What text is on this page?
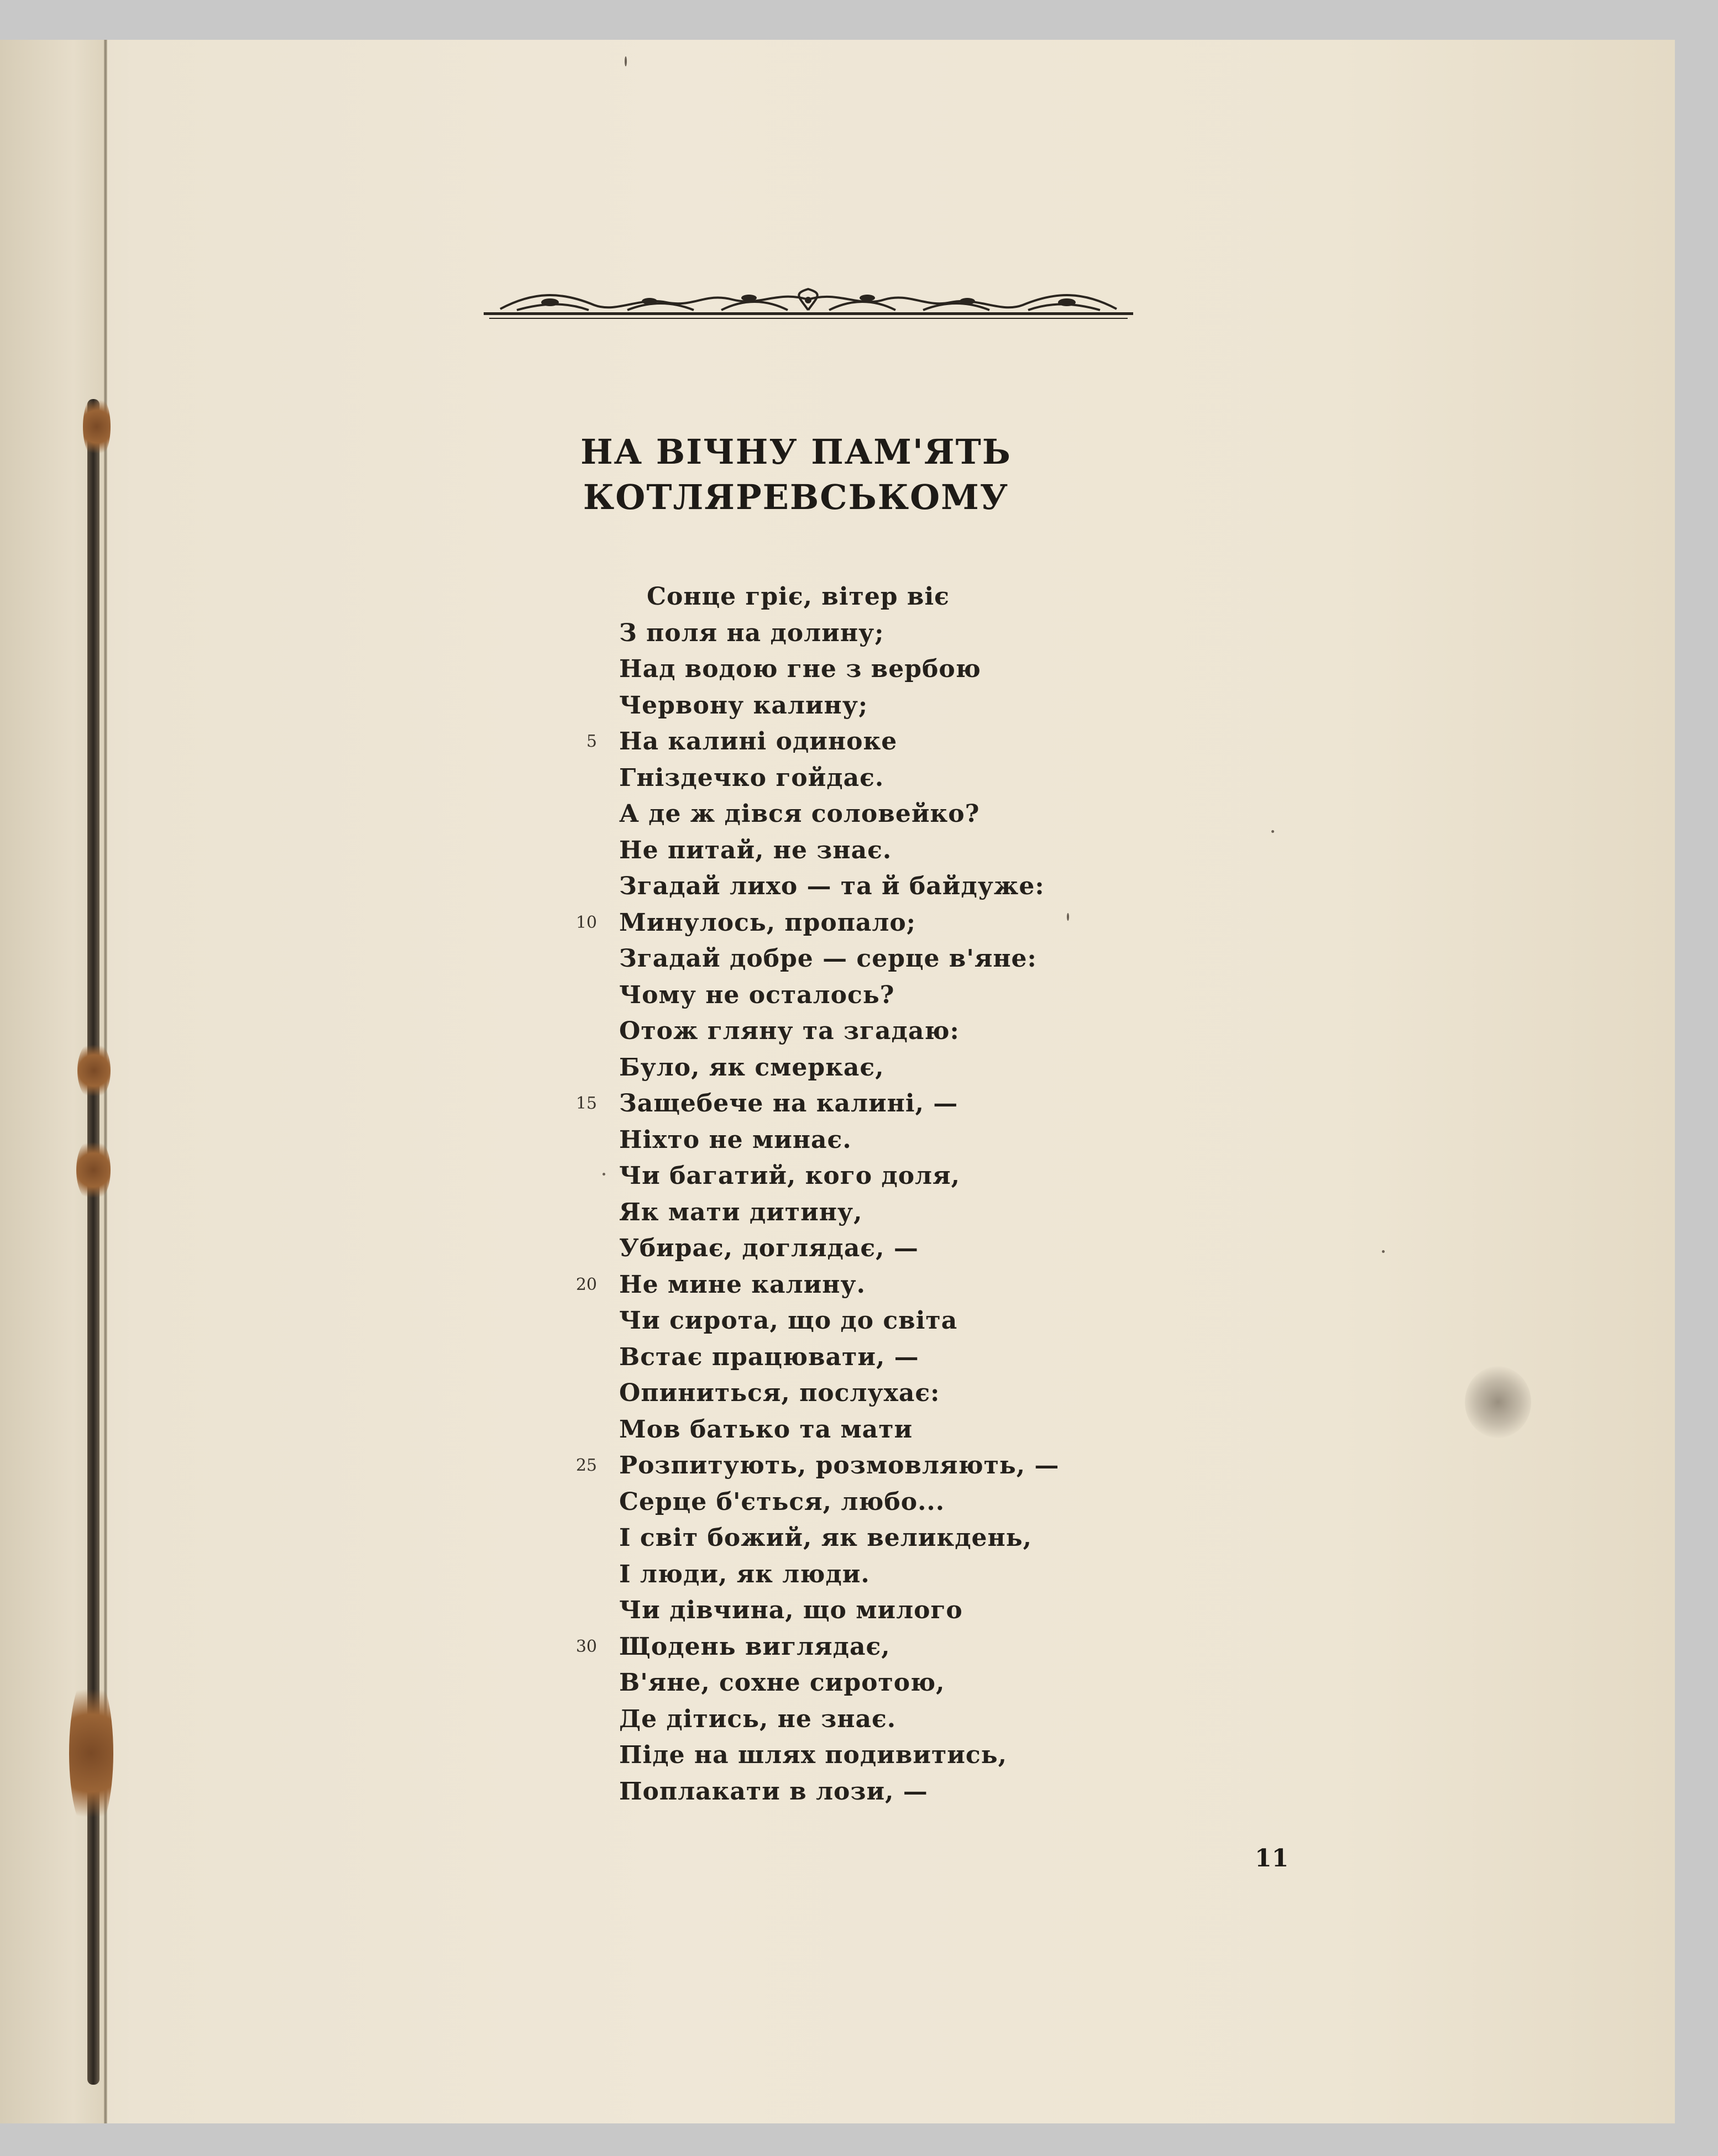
НА ВІЧНУ ПАМ'ЯТЬ
КОТЛЯРЕВСЬКОМУ
Сонце гріє, вітер віє
З поля на долину;
Над водою гне з вербою
Червону калину;
5 На калині одиноке
Гніздечко гойдає.
А де ж дівся соловейко?
Не питай, не знає.
Згадай лихо — та й байдуже:
10 Минулось, пропало;
Згадай добре — серце в'яне:
Чому не осталось?
Отож гляну та згадаю:
Було, як смеркає,
15 Защебече на калині, —
Ніхто не минає.
Чи багатий, кого доля,
Як мати дитину,
Убирає, доглядає, —
20 Не мине калину.
Чи сирота, що до світа
Встає працювати, —
Опиниться, послухає:
Мов батько та мати
25 Розпитують, розмовляють, —
Серце б'ється, любо...
І світ божий, як великдень,
І люди, як люди.
Чи дівчина, що милого
30 Щодень виглядає,
В'яне, сохне сиротою,
Де дітись, не знає.
Піде на шлях подивитись,
Поплакати в лози, —
11
